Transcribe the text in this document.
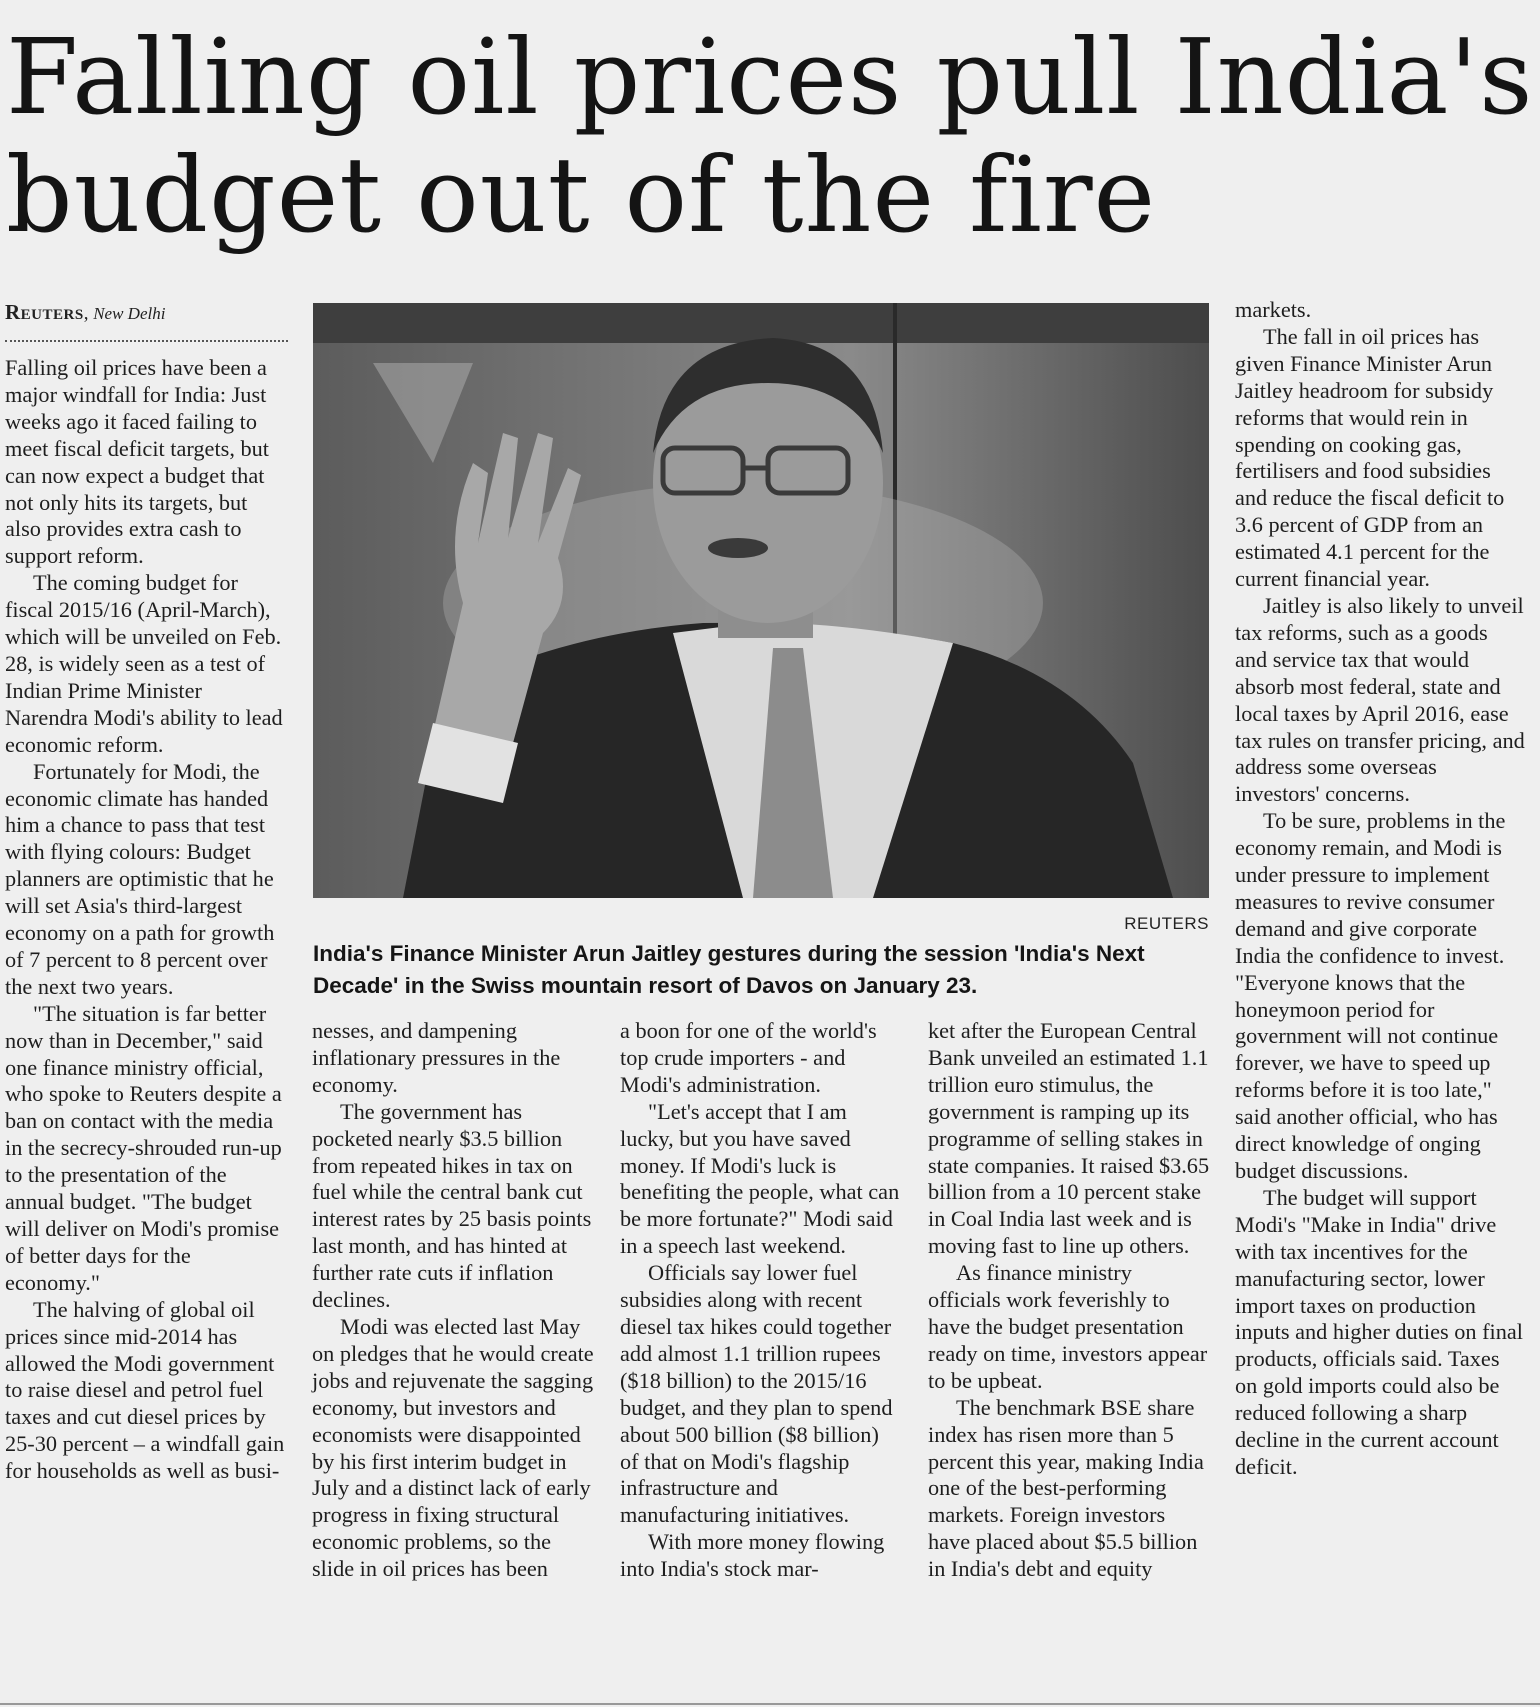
Falling oil prices pull India's budget out of the fire
Reuters, New Delhi
REUTERS

India's Finance Minister Arun Jaitley gestures during the session 'India's Next Decade' in the Swiss mountain resort of Davos on January 23.

Falling oil prices have been a major windfall for India: Just weeks ago it faced failing to meet fiscal deficit targets, but can now expect a budget that not only hits its targets, but also provides extra cash to support reform.

The coming budget for fiscal 2015/16 (April-March), which will be unveiled on Feb. 28, is widely seen as a test of Indian Prime Minister Narendra Modi's ability to lead economic reform.

Fortunately for Modi, the economic climate has handed him a chance to pass that test with flying colours: Budget planners are optimistic that he will set Asia's third-largest economy on a path for growth of 7 percent to 8 percent over the next two years.

"The situation is far better now than in December," said one finance ministry official, who spoke to Reuters despite a ban on contact with the media in the secrecy-shrouded run-up to the presentation of the annual budget. "The budget will deliver on Modi's promise of better days for the economy."

The halving of global oil prices since mid-2014 has allowed the Modi government to raise diesel and petrol fuel taxes and cut diesel prices by 25-30 percent – a windfall gain for households as well as busi-

nesses, and dampening inflationary pressures in the economy.

The government has pocketed nearly $3.5 billion from repeated hikes in tax on fuel while the central bank cut interest rates by 25 basis points last month, and has hinted at further rate cuts if inflation declines.

Modi was elected last May on pledges that he would create jobs and rejuvenate the sagging economy, but investors and economists were disappointed by his first interim budget in July and a distinct lack of early progress in fixing structural economic problems, so the slide in oil prices has been

a boon for one of the world's top crude importers - and Modi's administration.

"Let's accept that I am lucky, but you have saved money. If Modi's luck is benefiting the people, what can be more fortunate?" Modi said in a speech last weekend.

Officials say lower fuel subsidies along with recent diesel tax hikes could together add almost 1.1 trillion rupees ($18 billion) to the 2015/16 budget, and they plan to spend about 500 billion ($8 billion) of that on Modi's flagship infrastructure and manufacturing initiatives.

With more money flowing into India's stock mar-

ket after the European Central Bank unveiled an estimated 1.1 trillion euro stimulus, the government is ramping up its programme of selling stakes in state companies. It raised $3.65 billion from a 10 percent stake in Coal India last week and is moving fast to line up others.

As finance ministry officials work feverishly to have the budget presentation ready on time, investors appear to be upbeat.

The benchmark BSE share index has risen more than 5 percent this year, making India one of the best-performing markets. Foreign investors have placed about $5.5 billion in India's debt and equity

markets.

The fall in oil prices has given Finance Minister Arun Jaitley headroom for subsidy reforms that would rein in spending on cooking gas, fertilisers and food subsidies and reduce the fiscal deficit to 3.6 percent of GDP from an estimated 4.1 percent for the current financial year.

Jaitley is also likely to unveil tax reforms, such as a goods and service tax that would absorb most federal, state and local taxes by April 2016, ease tax rules on transfer pricing, and address some overseas investors' concerns.

To be sure, problems in the economy remain, and Modi is under pressure to implement measures to revive consumer demand and give corporate India the confidence to invest. "Everyone knows that the honeymoon period for government will not continue forever, we have to speed up reforms before it is too late," said another official, who has direct knowledge of onging budget discussions.

The budget will support Modi's "Make in India" drive with tax incentives for the manufacturing sector, lower import taxes on production inputs and higher duties on final products, officials said. Taxes on gold imports could also be reduced following a sharp decline in the current account deficit.
